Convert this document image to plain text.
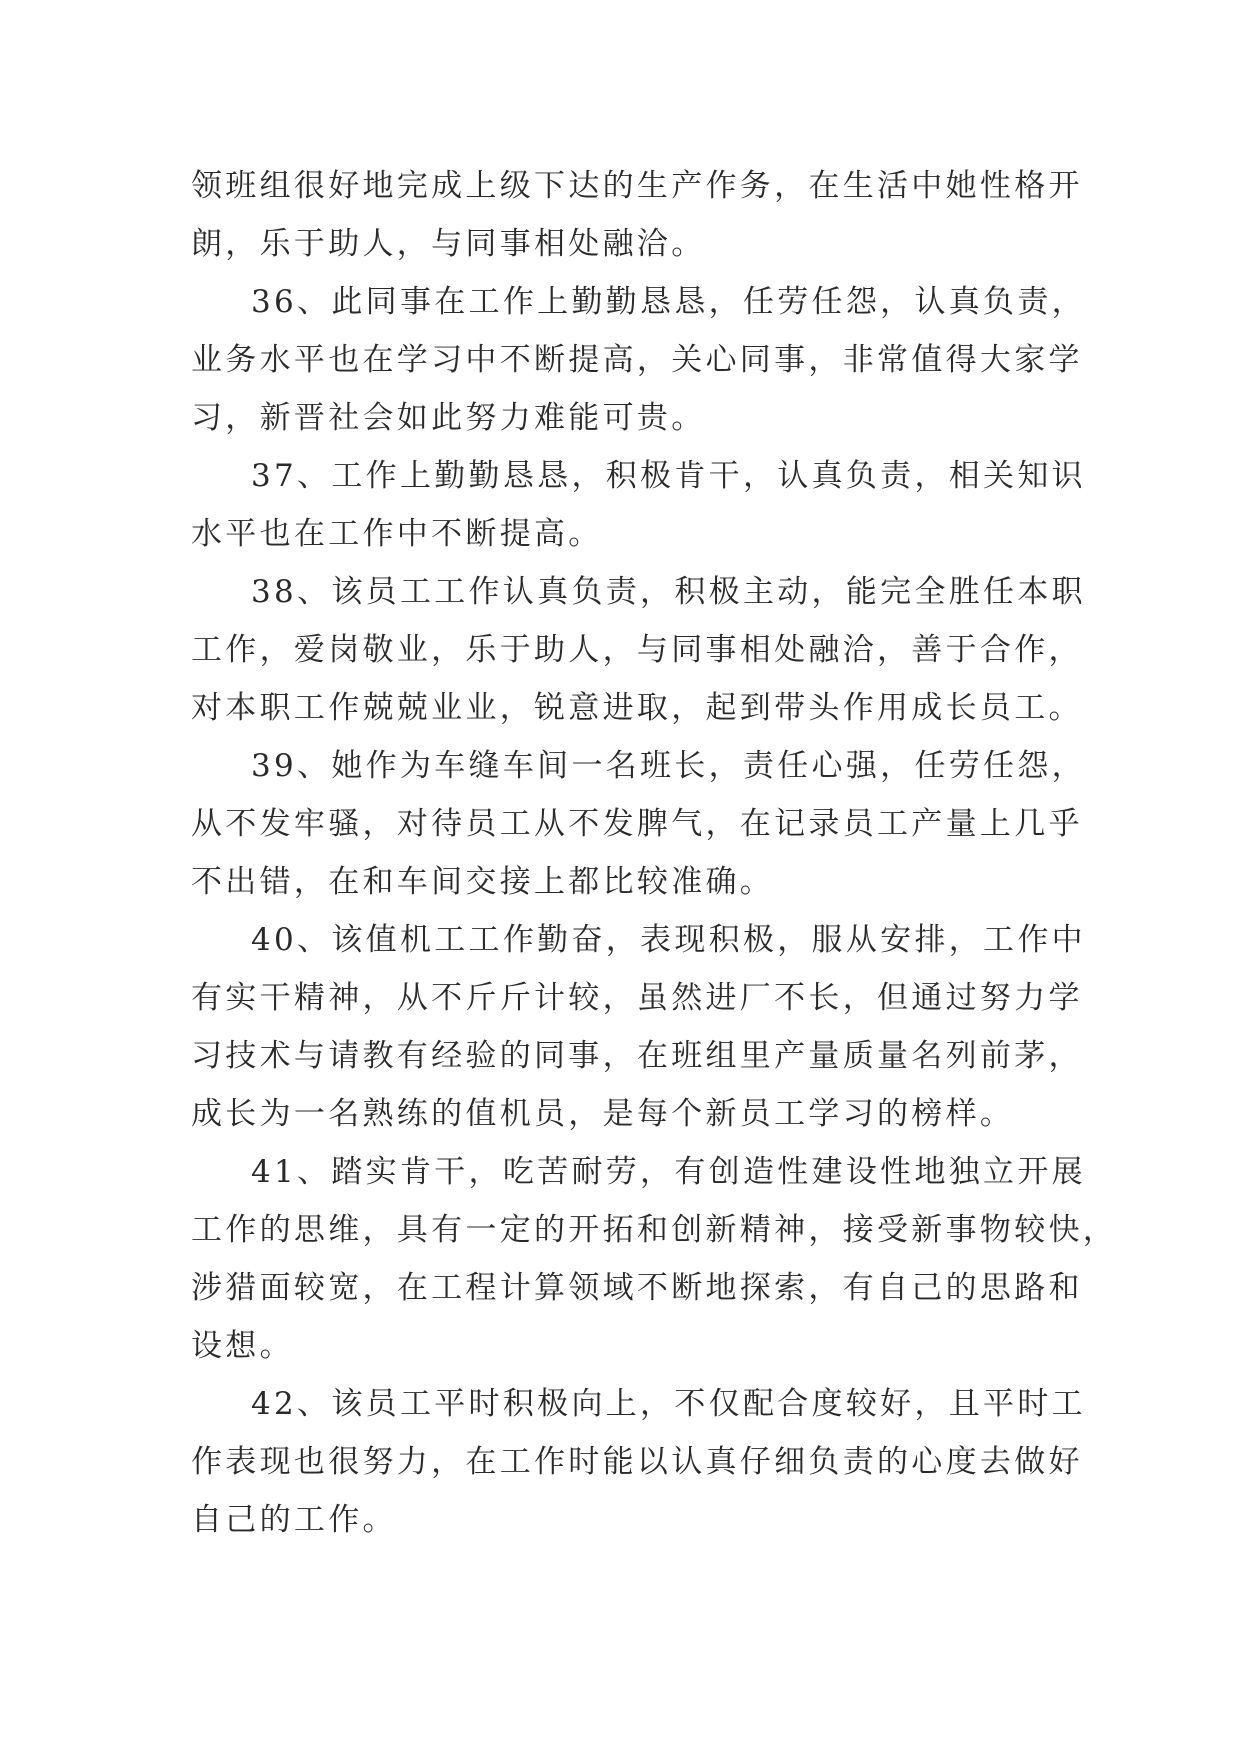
领班组很好地完成上级下达的生产作务，在生活中她性格开
朗，乐于助人，与同事相处融洽。
36、此同事在工作上勤勤恳恳，任劳任怨，认真负责，
业务水平也在学习中不断提高，关心同事，非常值得大家学
习，新晋社会如此努力难能可贵。
37、工作上勤勤恳恳，积极肯干，认真负责，相关知识
水平也在工作中不断提高。
38、该员工工作认真负责，积极主动，能完全胜任本职
工作，爱岗敬业，乐于助人，与同事相处融洽，善于合作，
对本职工作兢兢业业，锐意进取，起到带头作用成长员工。
39、她作为车缝车间一名班长，责任心强，任劳任怨，
从不发牢骚，对待员工从不发脾气，在记录员工产量上几乎
不出错，在和车间交接上都比较准确。
40、该值机工工作勤奋，表现积极，服从安排，工作中
有实干精神，从不斤斤计较，虽然进厂不长，但通过努力学
习技术与请教有经验的同事，在班组里产量质量名列前茅，
成长为一名熟练的值机员，是每个新员工学习的榜样。
41、踏实肯干，吃苦耐劳，有创造性建设性地独立开展
工作的思维，具有一定的开拓和创新精神，接受新事物较快，
涉猎面较宽，在工程计算领域不断地探索，有自己的思路和
设想。
42、该员工平时积极向上，不仅配合度较好，且平时工
作表现也很努力，在工作时能以认真仔细负责的心度去做好
自己的工作。
